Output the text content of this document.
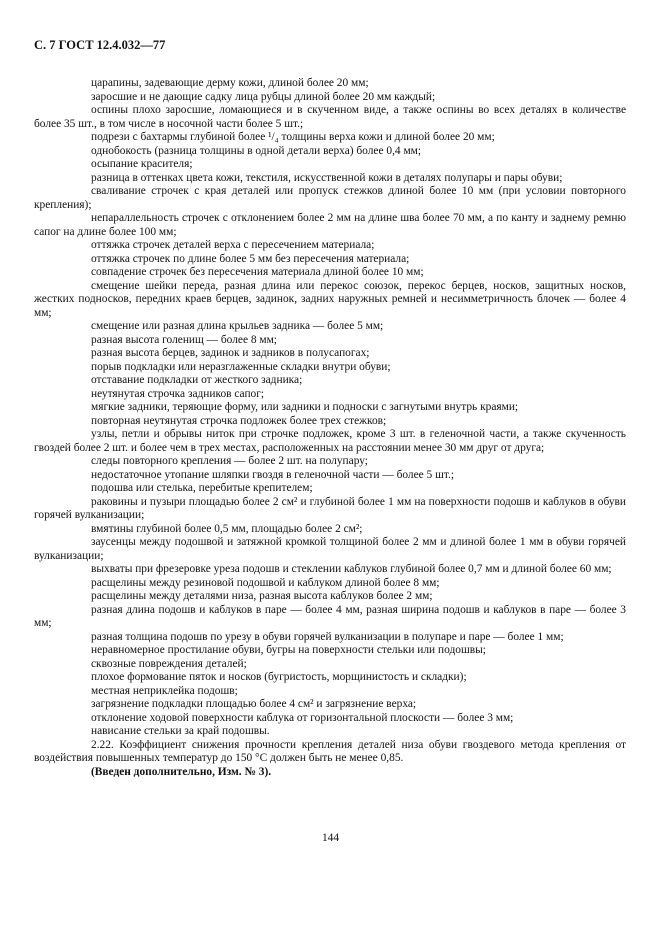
С. 7 ГОСТ 12.4.032—77

царапины, задевающие дерму кожи, длиной более 20 мм;

заросшие и не дающие садку лица рубцы длиной более 20 мм каждый;

оспины плохо заросшие, ломающиеся и в скученном виде, а также оспины во всех деталях в количестве более 35 шт., в том числе в носочной части более 5 шт.;

подрези с бахтармы глубиной более ¹/₄ толщины верха кожи и длиной более 20 мм;

однобокость (разница толщины в одной детали верха) более 0,4 мм;

осыпание красителя;

разница в оттенках цвета кожи, текстиля, искусственной кожи в деталях полупары и пары обуви;

сваливание строчек с края деталей или пропуск стежков длиной более 10 мм (при условии повторного крепления);

непараллельность строчек с отклонением более 2 мм на длине шва более 70 мм, а по канту и заднему ремню сапог на длине более 100 мм;

оттяжка строчек деталей верха с пересечением материала;

оттяжка строчек по длине более 5 мм без пересечения материала;

совпадение строчек без пересечения материала длиной более 10 мм;

смещение шейки переда, разная длина или перекос союзок, перекос берцев, носков, защитных носков, жестких подносков, передних краев берцев, задинок, задних наружных ремней и несимметричность блочек — более 4 мм;

смещение или разная длина крыльев задника — более 5 мм;

разная высота голенищ — более 8 мм;

разная высота берцев, задинок и задников в полусапогах;

порыв подкладки или неразглаженные складки внутри обуви;

отставание подкладки от жесткого задника;

неутянутая строчка задников сапог;

мягкие задники, теряющие форму, или задники и подноски с загнутыми внутрь краями;

повторная неутянутая строчка подложек более трех стежков;

узлы, петли и обрывы ниток при строчке подложек, кроме 3 шт. в геленочной части, а также скученность гвоздей более 2 шт. и более чем в трех местах, расположенных на расстоянии менее 30 мм друг от друга;

следы повторного крепления — более 2 шт. на полупару;

недостаточное утопание шляпки гвоздя в геленочной части — более 5 шт.;

подошва или стелька, перебитые крепителем;

раковины и пузыри площадью более 2 см² и глубиной более 1 мм на поверхности подошв и каблуков в обуви горячей вулканизации;

вмятины глубиной более 0,5 мм, площадью более 2 см²;

заусенцы между подошвой и затяжной кромкой толщиной более 2 мм и длиной более 1 мм в обуви горячей вулканизации;

выхваты при фрезеровке уреза подошв и стеклении каблуков глубиной более 0,7 мм и длиной более 60 мм;

расщелины между резиновой подошвой и каблуком длиной более 8 мм;

расщелины между деталями низа, разная высота каблуков более 2 мм;

разная длина подошв и каблуков в паре — более 4 мм, разная ширина подошв и каблуков в паре — более 3 мм;

разная толщина подошв по урезу в обуви горячей вулканизации в полупаре и паре — более 1 мм;

неравномерное простилание обуви, бугры на поверхности стельки или подошвы;

сквозные повреждения деталей;

плохое формование пяток и носков (бугристость, морщинистость и складки);

местная неприклейка подошв;

загрязнение подкладки площадью более 4 см² и загрязнение верха;

отклонение ходовой поверхности каблука от горизонтальной плоскости — более 3 мм;

нависание стельки за край подошвы.

2.22. Коэффициент снижения прочности крепления деталей низа обуви гвоздевого метода крепления от воздействия повышенных температур до 150 °С должен быть не менее 0,85.

(Введен дополнительно, Изм. № 3).

144
